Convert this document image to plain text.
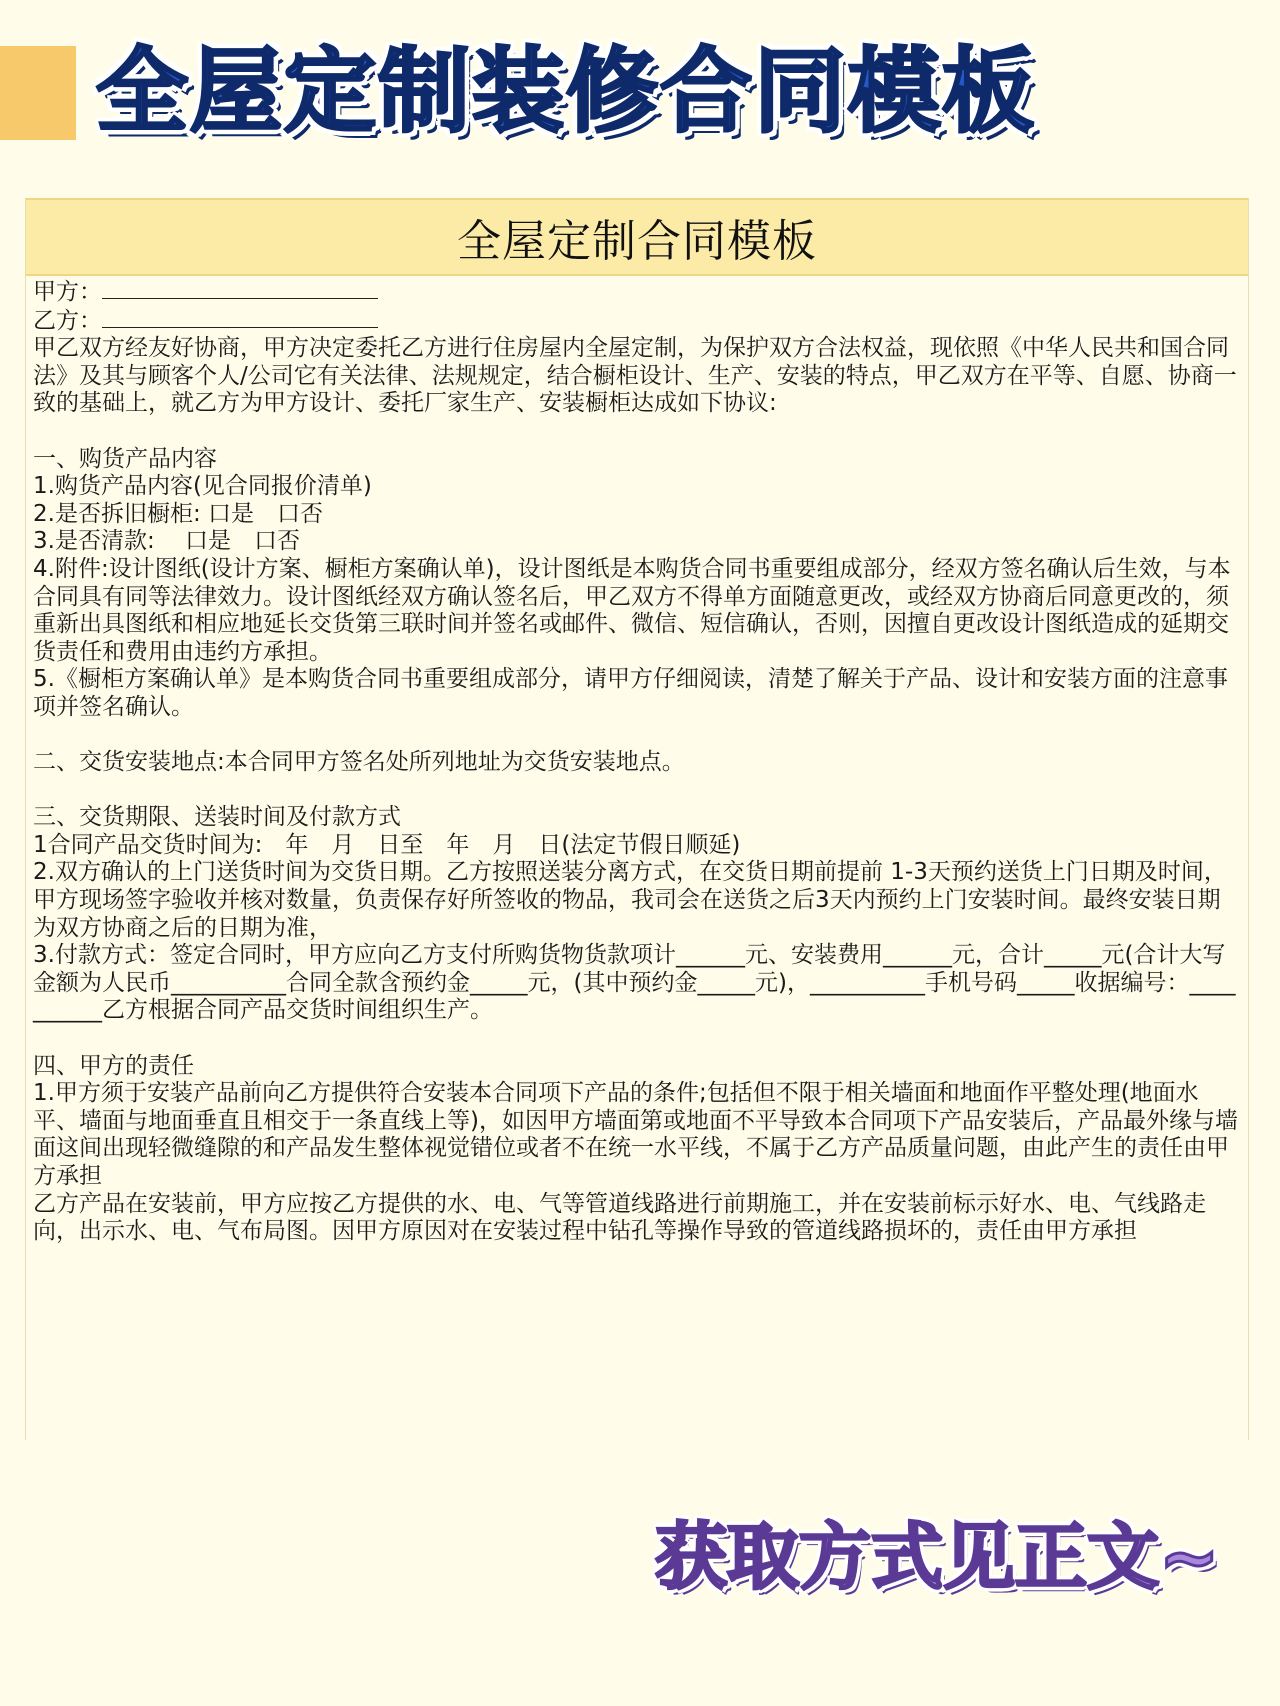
全屋定制装修合同模板
全屋定制合同模板

甲方：

乙方：

甲乙双方经友好协商，甲方决定委托乙方进行住房屋内全屋定制，为保护双方合法权益，现依照《中华人民共和国合同法》及其与顾客个人/公司它有关法律、法规规定，结合橱柜设计、生产、安装的特点，甲乙双方在平等、自愿、协商一致的基础上，就乙方为甲方设计、委托厂家生产、安装橱柜达成如下协议:

一、购货产品内容

1.购货产品内容(见合同报价清单)

2.是否拆旧橱柜: 口是　口否

3.是否清款:　 口是　口否

4.附件:设计图纸(设计方案、橱柜方案确认单)，设计图纸是本购货合同书重要组成部分，经双方签名确认后生效，与本合同具有同等法律效力。设计图纸经双方确认签名后，甲乙双方不得单方面随意更改，或经双方协商后同意更改的，须重新出具图纸和相应地延长交货第三联时间并签名或邮件、微信、短信确认，否则，因擅自更改设计图纸造成的延期交货责任和费用由违约方承担。

5.《橱柜方案确认单》是本购货合同书重要组成部分，请甲方仔细阅读，清楚了解关于产品、设计和安装方面的注意事项并签名确认。

二、交货安装地点:本合同甲方签名处所列地址为交货安装地点。

三、交货期限、送装时间及付款方式

1合同产品交货时间为:　年　月　日至　年　月　日(法定节假日顺延)

2.双方确认的上门送货时间为交货日期。乙方按照送装分离方式，在交货日期前提前 1-3天预约送货上门日期及时间，甲方现场签字验收并核对数量，负责保存好所签收的物品，我司会在送货之后3天内预约上门安装时间。最终安装日期为双方协商之后的日期为准，

3.付款方式：签定合同时，甲方应向乙方支付所购货物货款项计______元、安装费用______元，合计_____元(合计大写金额为人民币__________合同全款含预约金_____元，(其中预约金_____元)，__________手机号码_____收据编号：__________乙方根据合同产品交货时间组织生产。

四、甲方的责任

1.甲方须于安装产品前向乙方提供符合安装本合同项下产品的条件;包括但不限于相关墙面和地面作平整处理(地面水平、墙面与地面垂直且相交于一条直线上等)，如因甲方墙面第或地面不平导致本合同项下产品安装后，产品最外缘与墙面这间出现轻微缝隙的和产品发生整体视觉错位或者不在统一水平线，不属于乙方产品质量问题，由此产生的责任由甲方承担

乙方产品在安装前，甲方应按乙方提供的水、电、气等管道线路进行前期施工，并在安装前标示好水、电、气线路走向，出示水、电、气布局图。因甲方原因对在安装过程中钻孔等操作导致的管道线路损坏的，责任由甲方承担

获取方式见正文~
